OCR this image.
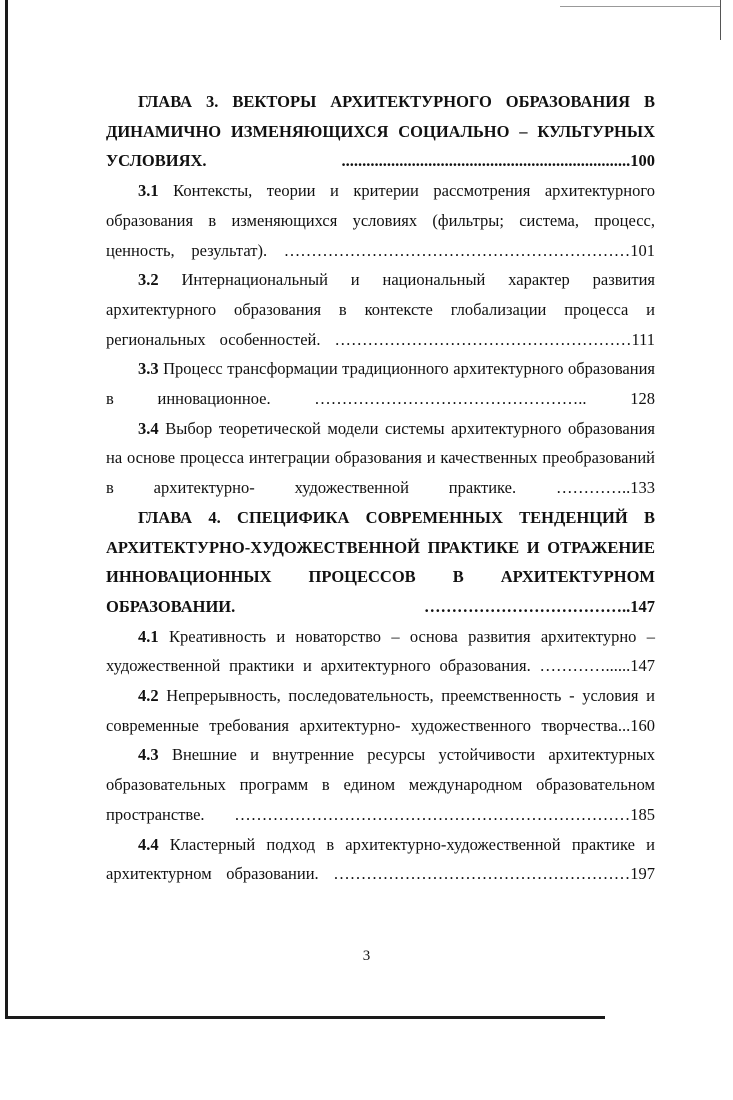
ГЛАВА 3. ВЕКТОРЫ АРХИТЕКТУРНОГО ОБРАЗОВАНИЯ В ДИНАМИЧНО ИЗМЕНЯЮЩИХСЯ СОЦИАЛЬНО – КУЛЬТУРНЫХ УСЛОВИЯХ. ......................................................................100
3.1 Контексты, теории и критерии рассмотрения архитектурного образования в изменяющихся условиях (фильтры; система, процесс, ценность, результат). ………………………………………………………101
3.2 Интернациональный и национальный характер развития архитектурного образования в контексте глобализации процесса и региональных особенностей. ………………………………………………111
3.3 Процесс трансформации традиционного архитектурного образования в инновационное. ………………………………………….. 128
3.4 Выбор теоретической модели системы архитектурного образования на основе процесса интеграции образования и качественных преобразований в архитектурно- художественной практике. …………..133
ГЛАВА 4. СПЕЦИФИКА СОВРЕМЕННЫХ ТЕНДЕНЦИЙ В АРХИТЕКТУРНО-ХУДОЖЕСТВЕННОЙ ПРАКТИКЕ И ОТРАЖЕНИЕ ИННОВАЦИОННЫХ ПРОЦЕССОВ В АРХИТЕКТУРНОМ ОБРАЗОВАНИИ. ………………………………..147
4.1 Креативность и новаторство – основа развития архитектурно – художественной практики и архитектурного образования. …………......147
4.2 Непрерывность, последовательность, преемственность - условия и современные требования архитектурно- художественного творчества...160
4.3 Внешние и внутренние ресурсы устойчивости архитектурных образовательных программ в едином международном образовательном пространстве. ………………………………………………………………185
4.4 Кластерный подход в архитектурно-художественной практике и архитектурном образовании. ………………………………………………197
3
